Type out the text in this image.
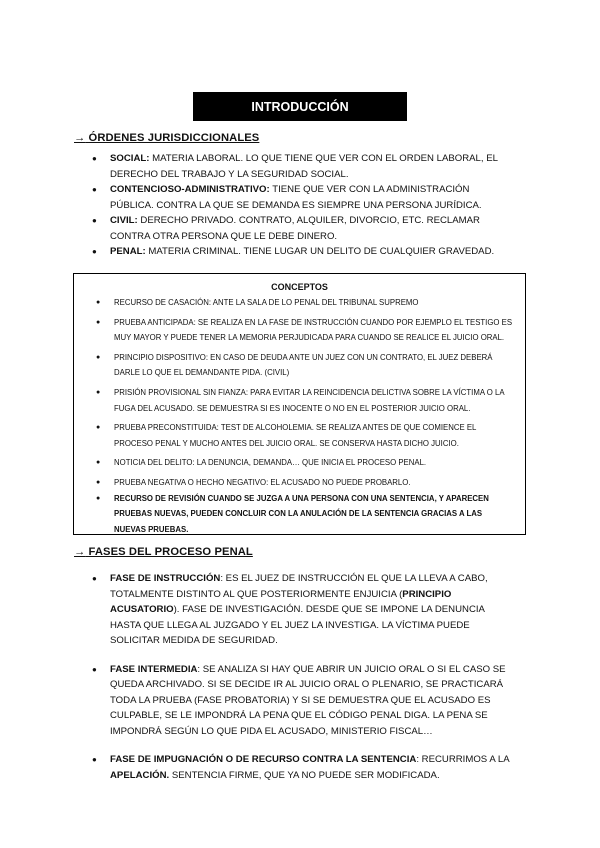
INTRODUCCIÓN
→ ÓRDENES JURISDICCIONALES
● SOCIAL: MATERIA LABORAL. LO QUE TIENE QUE VER CON EL ORDEN LABORAL, EL DERECHO DEL TRABAJO Y LA SEGURIDAD SOCIAL.
● CONTENCIOSO-ADMINISTRATIVO: TIENE QUE VER CON LA ADMINISTRACIÓN PÚBLICA. CONTRA LA QUE SE DEMANDA ES SIEMPRE UNA PERSONA JURÍDICA.
● CIVIL: DERECHO PRIVADO. CONTRATO, ALQUILER, DIVORCIO, ETC. RECLAMAR CONTRA OTRA PERSONA QUE LE DEBE DINERO.
● PENAL: MATERIA CRIMINAL. TIENE LUGAR UN DELITO DE CUALQUIER GRAVEDAD.
CONCEPTOS
● RECURSO DE CASACIÓN: ANTE LA SALA DE LO PENAL DEL TRIBUNAL SUPREMO
● PRUEBA ANTICIPADA: SE REALIZA EN LA FASE DE INSTRUCCIÓN CUANDO POR EJEMPLO EL TESTIGO ES MUY MAYOR Y PUEDE TENER LA MEMORIA PERJUDICADA PARA CUANDO SE REALICE EL JUICIO ORAL.
● PRINCIPIO DISPOSITIVO: EN CASO DE DEUDA ANTE UN JUEZ CON UN CONTRATO, EL JUEZ DEBERÁ DARLE LO QUE EL DEMANDANTE PIDA. (CIVIL)
● PRISIÓN PROVISIONAL SIN FIANZA: PARA EVITAR LA REINCIDENCIA DELICTIVA SOBRE LA VÍCTIMA O LA FUGA DEL ACUSADO. SE DEMUESTRA SI ES INOCENTE O NO EN EL POSTERIOR JUICIO ORAL.
● PRUEBA PRECONSTITUIDA: TEST DE ALCOHOLEMIA. SE REALIZA ANTES DE QUE COMIENCE EL PROCESO PENAL Y MUCHO ANTES DEL JUICIO ORAL. SE CONSERVA HASTA DICHO JUICIO.
● NOTICIA DEL DELITO: LA DENUNCIA, DEMANDA… QUE INICIA EL PROCESO PENAL.
● PRUEBA NEGATIVA O HECHO NEGATIVO: EL ACUSADO NO PUEDE PROBARLO.
● RECURSO DE REVISIÓN CUANDO SE JUZGA A UNA PERSONA CON UNA SENTENCIA, Y APARECEN PRUEBAS NUEVAS, PUEDEN CONCLUIR CON LA ANULACIÓN DE LA SENTENCIA GRACIAS A LAS NUEVAS PRUEBAS.
→ FASES DEL PROCESO PENAL
● FASE DE INSTRUCCIÓN: ES EL JUEZ DE INSTRUCCIÓN EL QUE LA LLEVA A CABO, TOTALMENTE DISTINTO AL QUE POSTERIORMENTE ENJUICIA (PRINCIPIO ACUSATORIO). FASE DE INVESTIGACIÓN. DESDE QUE SE IMPONE LA DENUNCIA HASTA QUE LLEGA AL JUZGADO Y EL JUEZ LA INVESTIGA. LA VÍCTIMA PUEDE SOLICITAR MEDIDA DE SEGURIDAD.
● FASE INTERMEDIA: SE ANALIZA SI HAY QUE ABRIR UN JUICIO ORAL O SI EL CASO SE QUEDA ARCHIVADO. SI SE DECIDE IR AL JUICIO ORAL O PLENARIO, SE PRACTICARÁ TODA LA PRUEBA (FASE PROBATORIA) Y SI SE DEMUESTRA QUE EL ACUSADO ES CULPABLE, SE LE IMPONDRÁ LA PENA QUE EL CÓDIGO PENAL DIGA. LA PENA SE IMPONDRÁ SEGÚN LO QUE PIDA EL ACUSADO, MINISTERIO FISCAL…
● FASE DE IMPUGNACIÓN O DE RECURSO CONTRA LA SENTENCIA: RECURRIMOS A LA APELACIÓN. SENTENCIA FIRME, QUE YA NO PUEDE SER MODIFICADA.
